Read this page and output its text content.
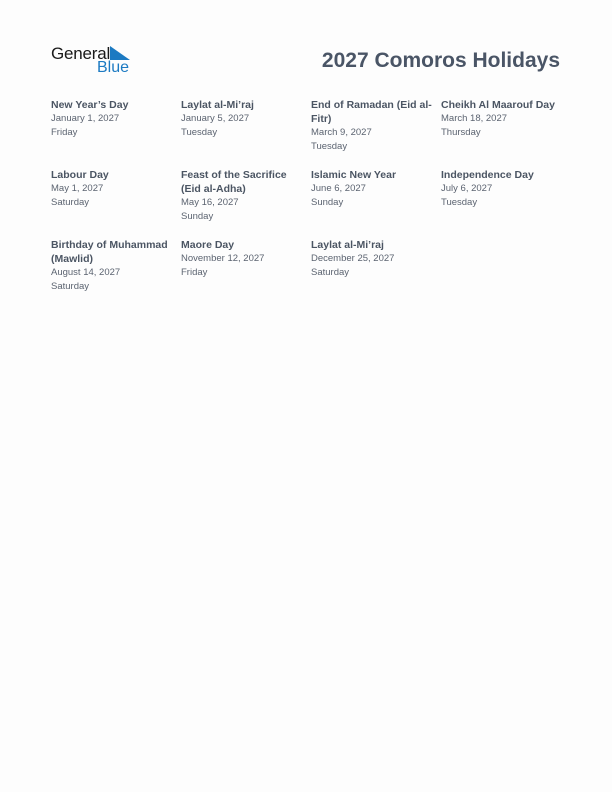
General
Blue	2027 Comoros Holidays
New Year’s Day
January 1, 2027
Friday
Laylat al-Mi’raj
January 5, 2027
Tuesday
End of Ramadan (Eid al-Fitr)
March 9, 2027
Tuesday
Cheikh Al Maarouf Day
March 18, 2027
Thursday
Labour Day
May 1, 2027
Saturday
Feast of the Sacrifice (Eid al-Adha)
May 16, 2027
Sunday
Islamic New Year
June 6, 2027
Sunday
Independence Day
July 6, 2027
Tuesday
Birthday of Muhammad (Mawlid)
August 14, 2027
Saturday
Maore Day
November 12, 2027
Friday
Laylat al-Mi’raj
December 25, 2027
Saturday
